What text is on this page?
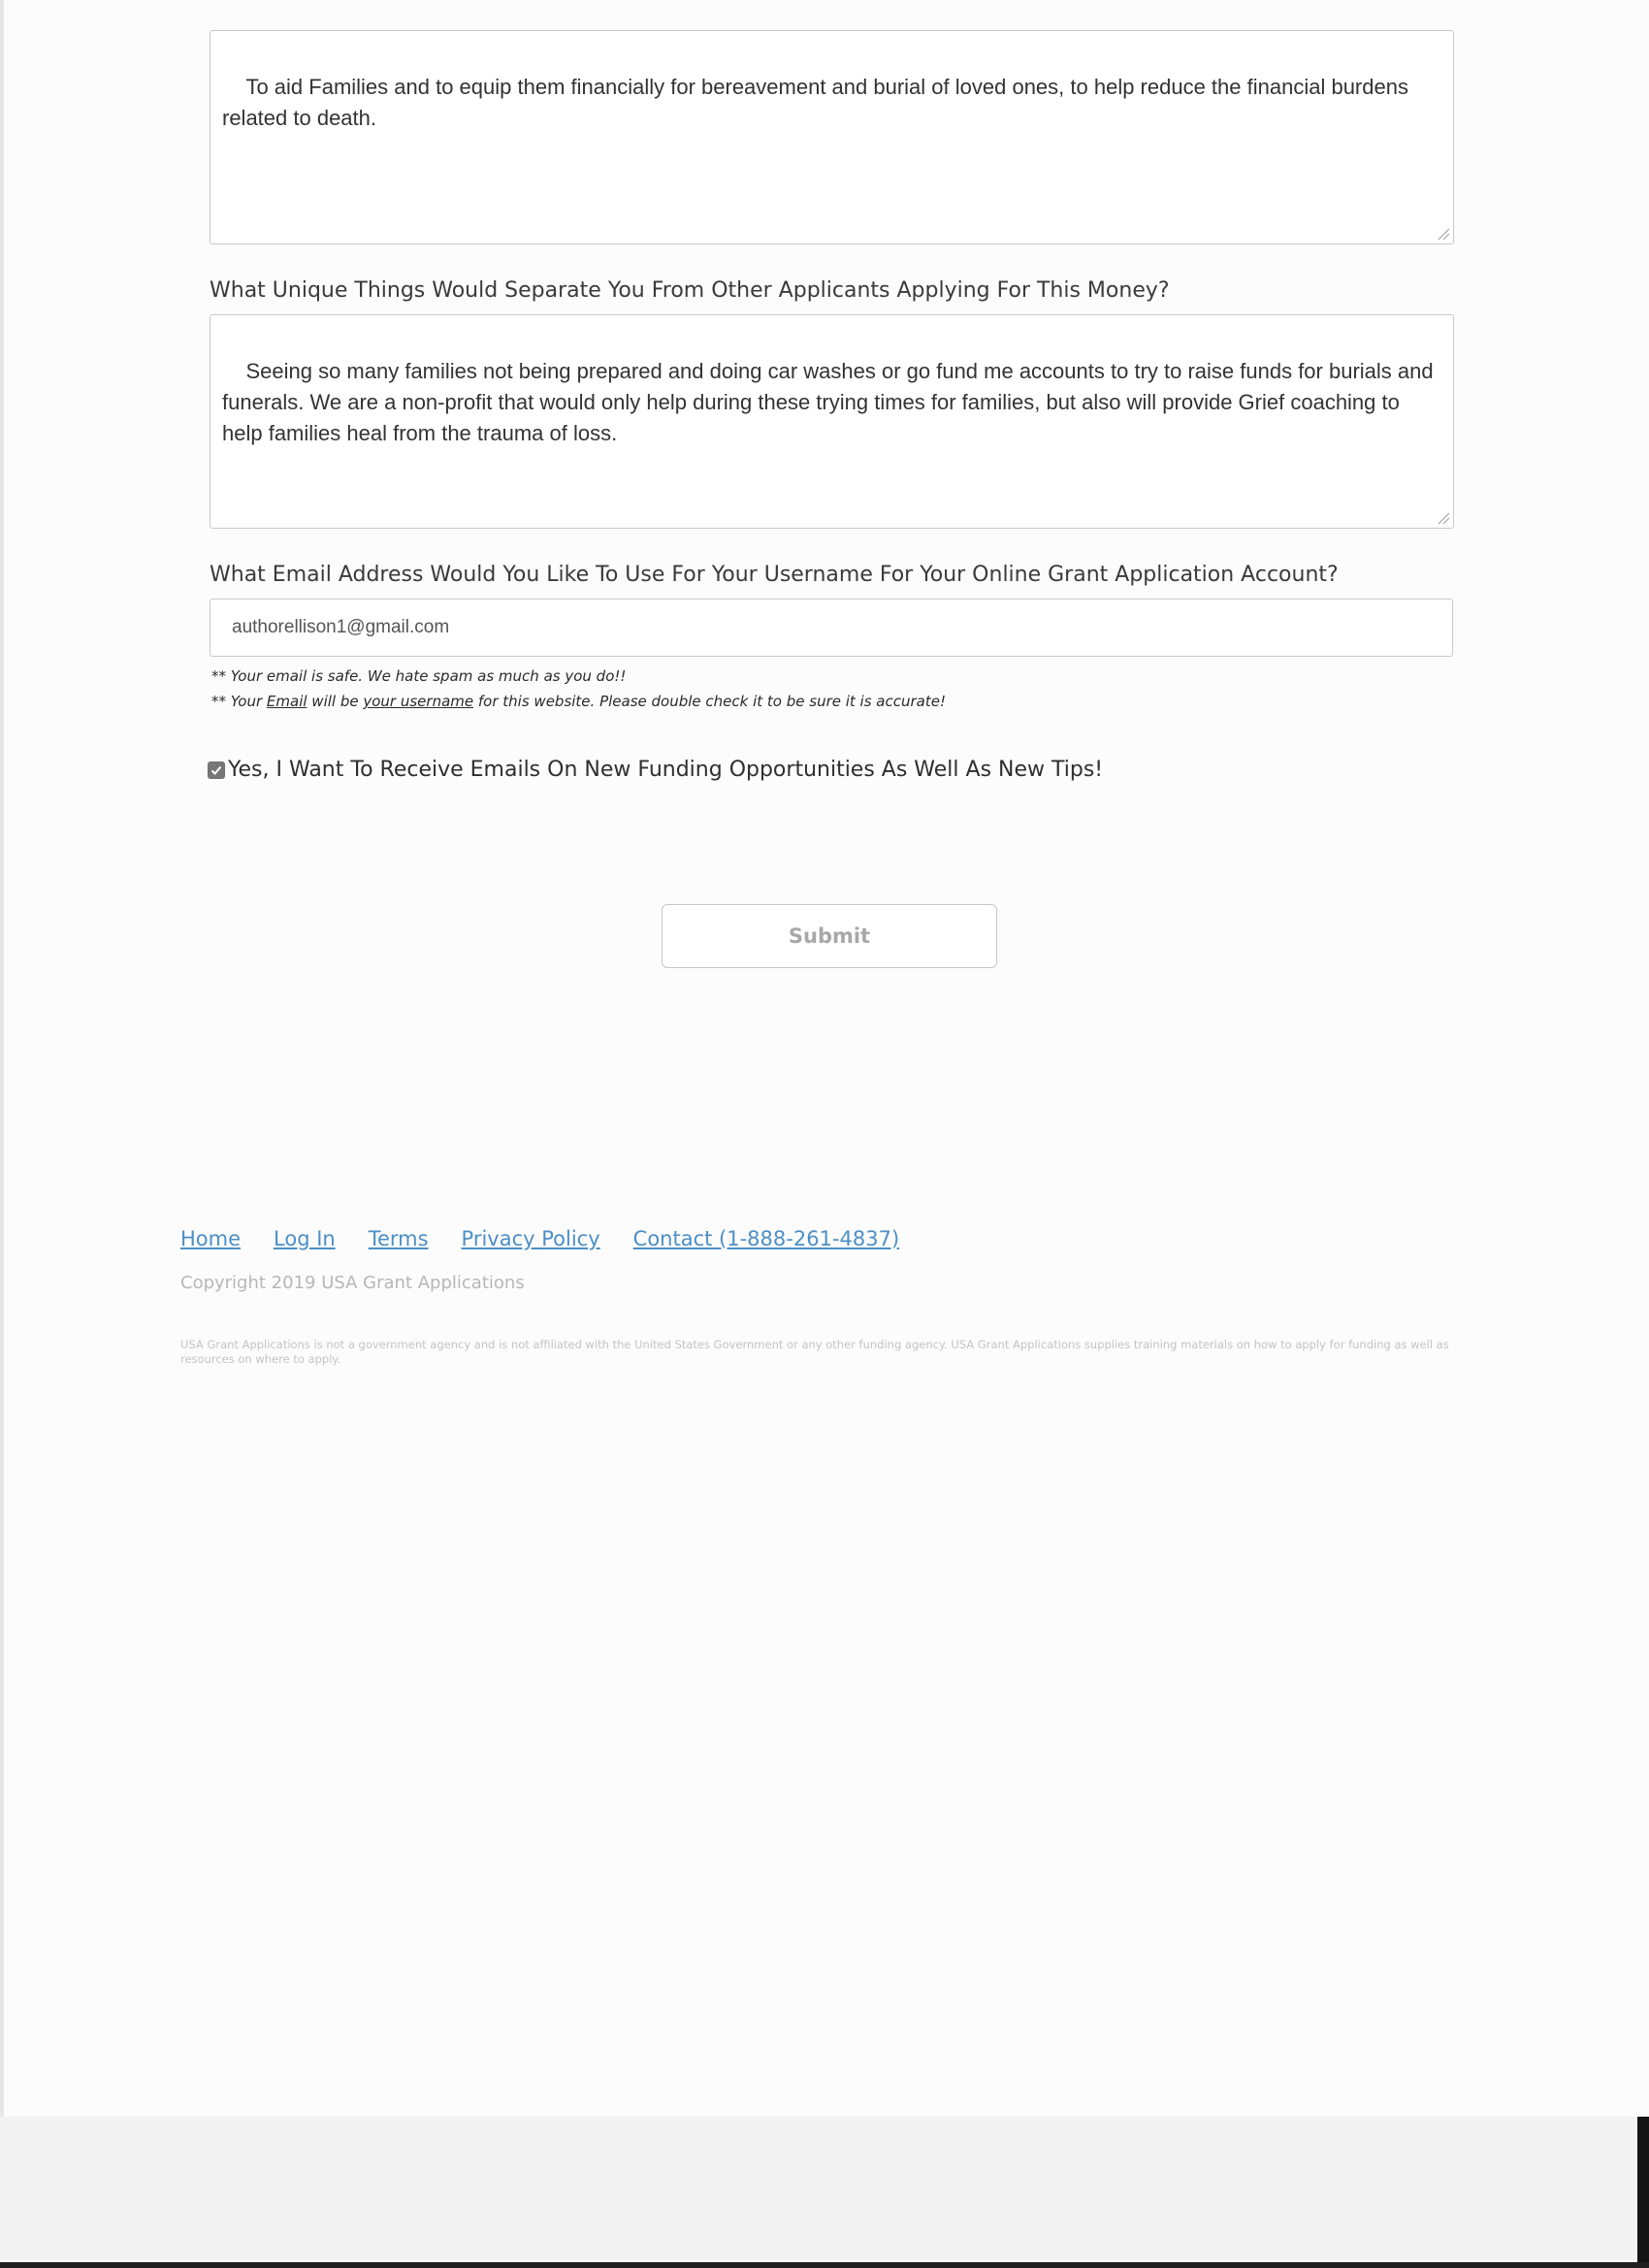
To aid Families and to equip them financially for bereavement and burial of loved ones, to help reduce the financial burdens related to death.

What Unique Things Would Separate You From Other Applicants Applying For This Money?

Seeing so many families not being prepared and doing car washes or go fund me accounts to try to raise funds for burials and funerals. We are a non-profit that would only help during these trying times for families, but also will provide Grief coaching to help families heal from the trauma of loss.

What Email Address Would You Like To Use For Your Username For Your Online Grant Application Account?
authorellison1@gmail.com
** Your email is safe. We hate spam as much as you do!!
** Your Email will be your username for this website. Please double check it to be sure it is accurate!
Yes, I Want To Receive Emails On New Funding Opportunities As Well As New Tips!
Submit
Home Log In Terms Privacy Policy Contact (1-888-261-4837)
Copyright 2019 USA Grant Applications
USA Grant Applications is not a government agency and is not affiliated with the United States Government or any other funding agency. USA Grant Applications supplies training materials on how to apply for funding as well as resources on where to apply.
